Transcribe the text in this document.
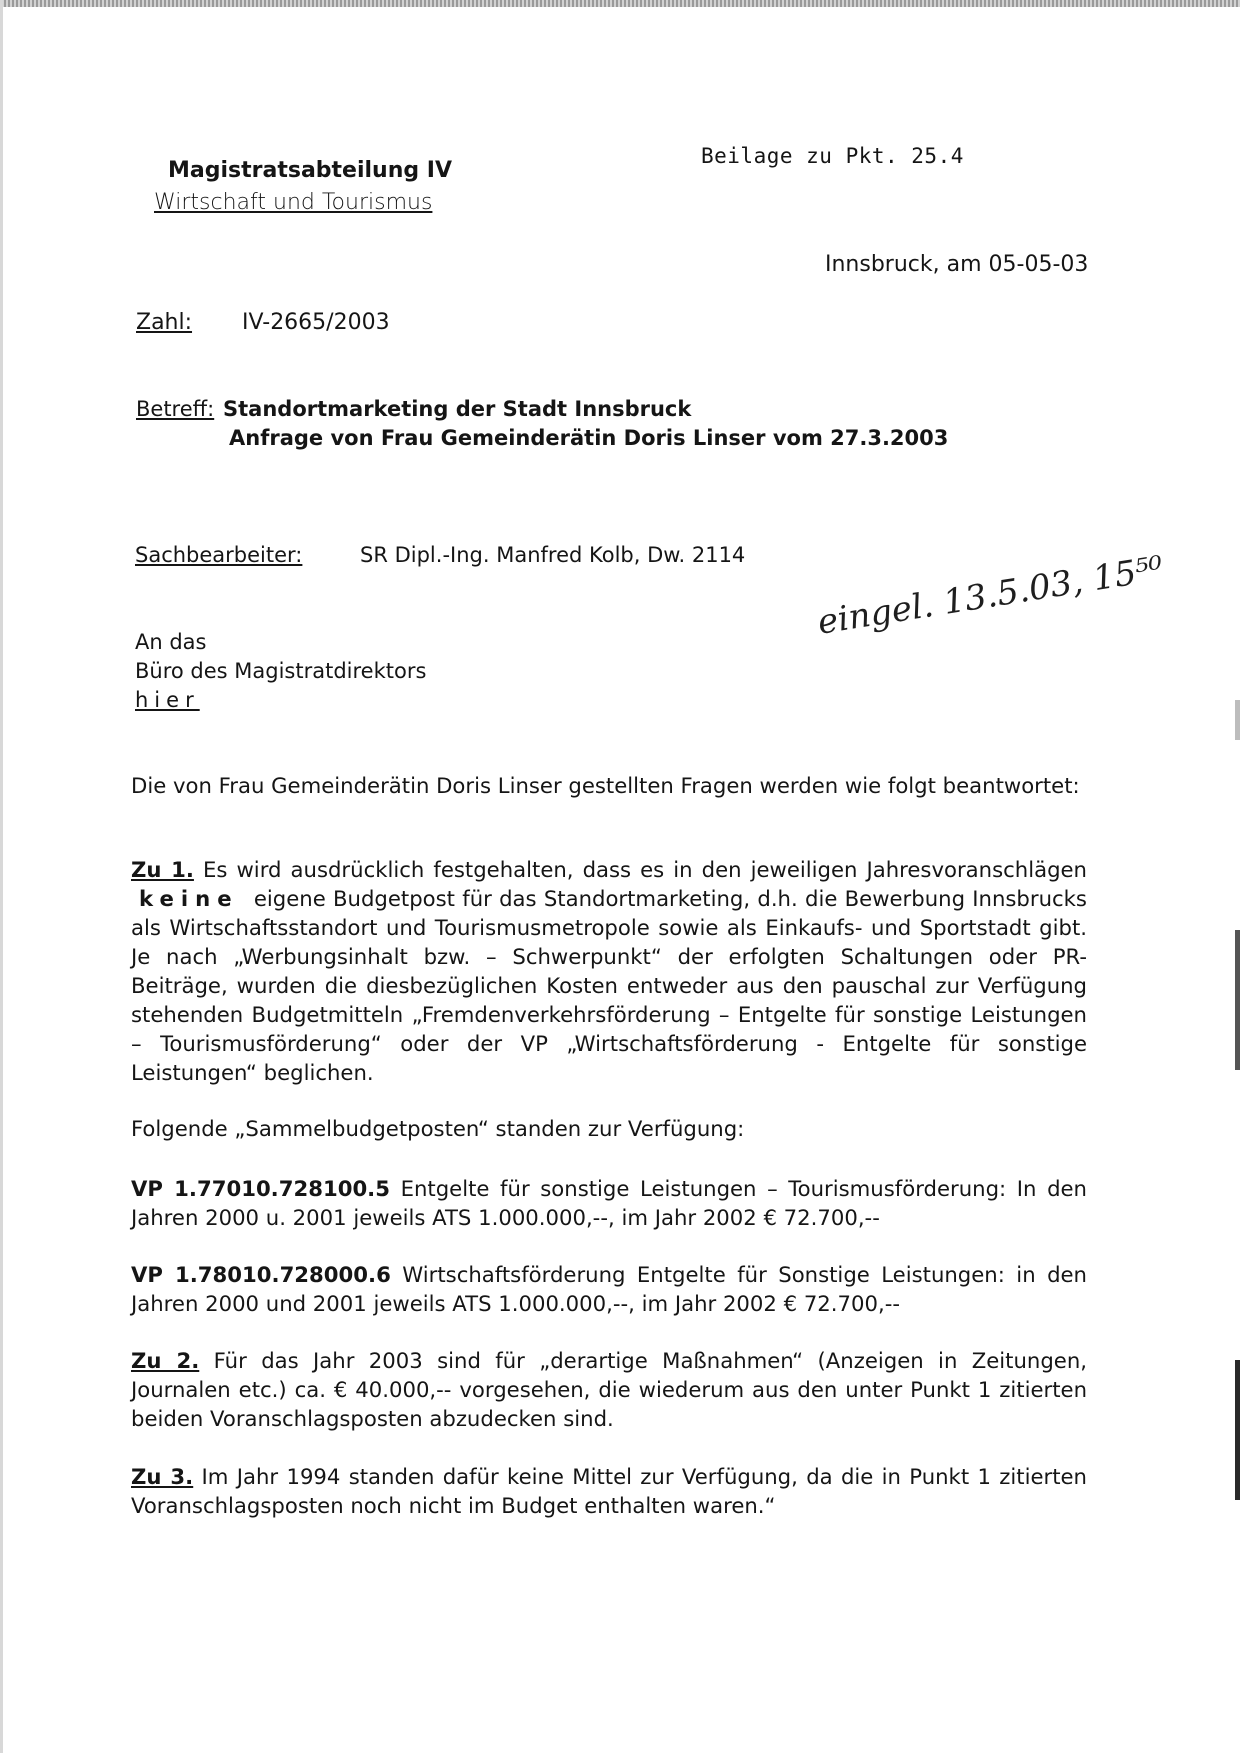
Magistratsabteilung IV
Wirtschaft und Tourismus
Beilage zu Pkt. 25.4
Innsbruck, am 05-05-03
Zahl: IV-2665/2003
Betreff: Standortmarketing der Stadt Innsbruck
Anfrage von Frau Gemeinderätin Doris Linser vom 27.3.2003
Sachbearbeiter:	SR Dipl.-Ing. Manfred Kolb, Dw. 2114
An das
Büro des Magistratdirektors
hier
eingel. 13.5.03, 15⁵⁰
Die von Frau Gemeinderätin Doris Linser gestellten Fragen werden wie folgt beantwortet:
Zu 1. Es wird ausdrücklich festgehalten, dass es in den jeweiligen Jahresvoranschlägen keine eigene Budgetpost für das Standortmarketing, d.h. die Bewerbung Innsbrucks als Wirtschaftsstandort und Tourismusmetropole sowie als Einkaufs- und Sportstadt gibt. Je nach „Werbungsinhalt bzw. – Schwerpunkt“ der erfolgten Schaltungen oder PR-Beiträge, wurden die diesbezüglichen Kosten entweder aus den pauschal zur Verfügung stehenden Budgetmitteln „Fremdenverkehrsförderung – Entgelte für sonstige Leistungen – Tourismusförderung“ oder der VP „Wirtschaftsförderung - Entgelte für sonstige Leistungen“ beglichen.
Folgende „Sammelbudgetposten“ standen zur Verfügung:
VP 1.77010.728100.5 Entgelte für sonstige Leistungen – Tourismusförderung: In den Jahren 2000 u. 2001 jeweils ATS 1.000.000,--, im Jahr 2002 € 72.700,--
VP 1.78010.728000.6 Wirtschaftsförderung Entgelte für Sonstige Leistungen: in den Jahren 2000 und 2001 jeweils ATS 1.000.000,--, im Jahr 2002 € 72.700,--
Zu 2. Für das Jahr 2003 sind für „derartige Maßnahmen“ (Anzeigen in Zeitungen, Journalen etc.) ca. € 40.000,-- vorgesehen, die wiederum aus den unter Punkt 1 zitierten beiden Voranschlagsposten abzudecken sind.
Zu 3. Im Jahr 1994 standen dafür keine Mittel zur Verfügung, da die in Punkt 1 zitierten Voranschlagsposten noch nicht im Budget enthalten waren.“
